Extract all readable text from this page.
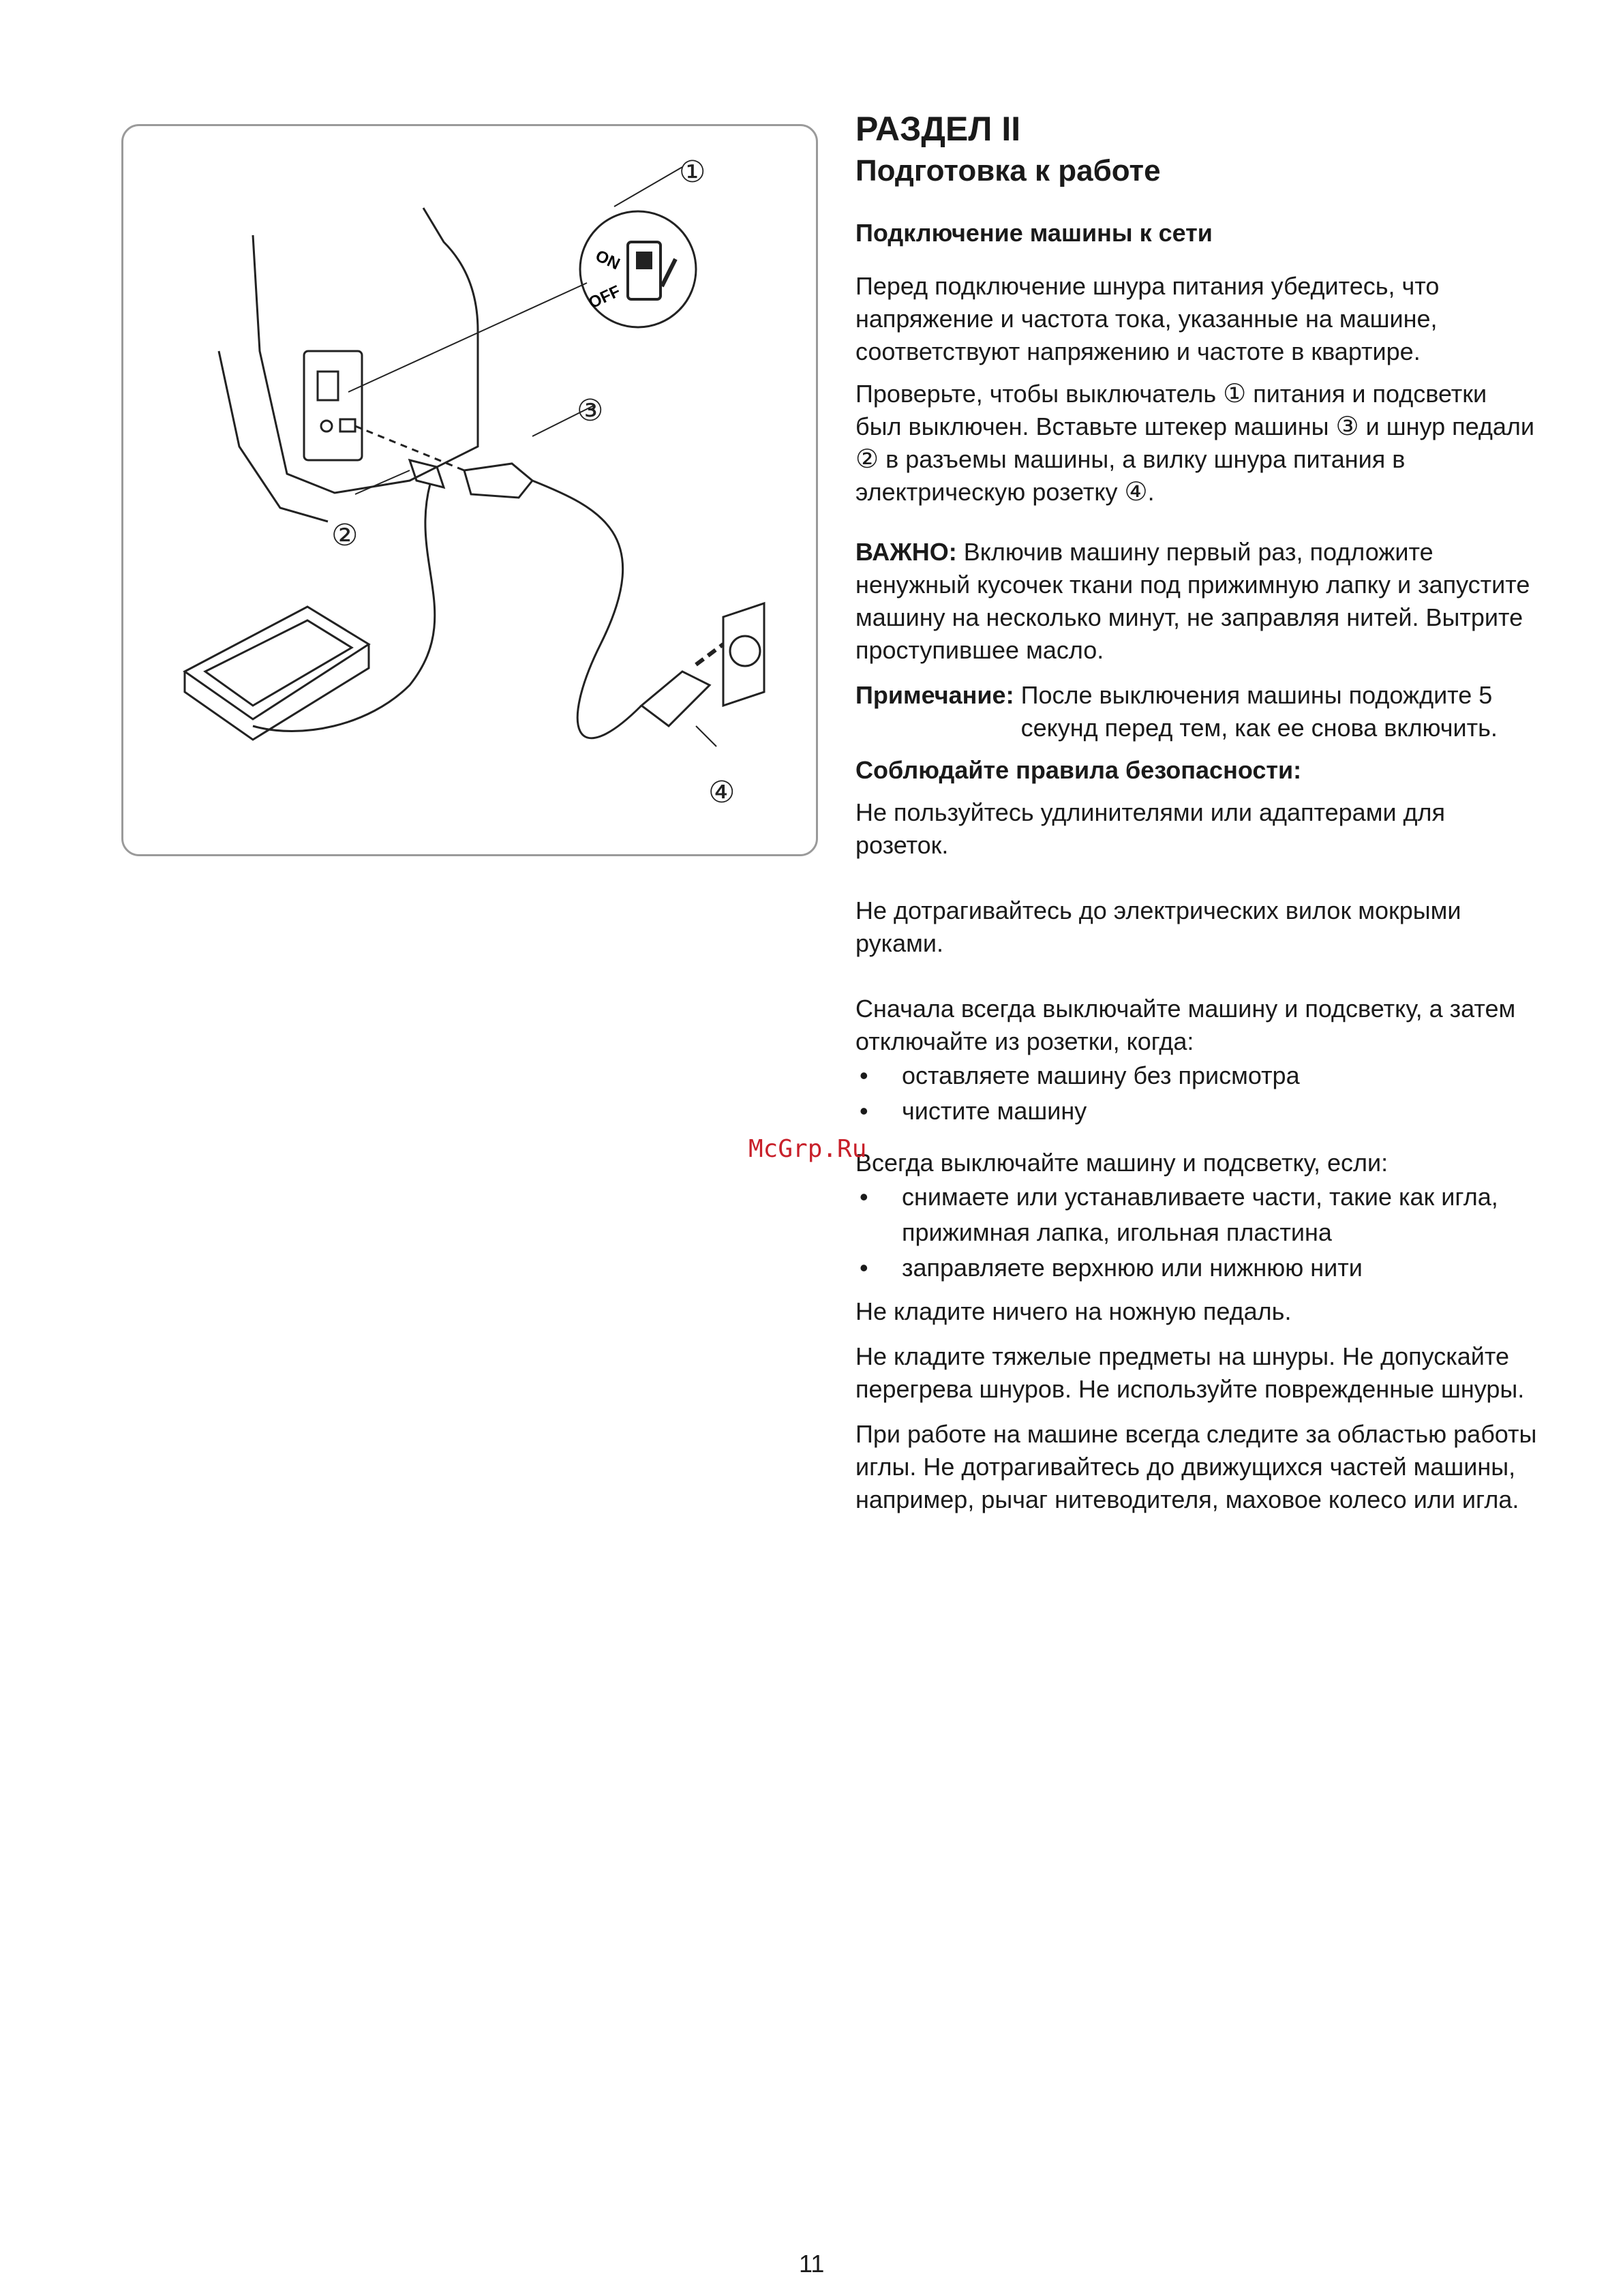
ON
OFF
①
②
③
④
РАЗДЕЛ II
Подготовка к работе

Подключение машины к сети

Перед подключение шнура питания убедитесь, что напряжение и частота тока, указанные на машине, соответствуют напряжению и частоте в квартире.

Проверьте, чтобы выключатель ① питания и подсветки был выключен. Вставьте штекер машины ③ и шнур педали ② в разъемы машины, а вилку шнура питания в электрическую розетку ④.

ВАЖНО: Включив машину первый раз, подложите ненужный кусочек ткани под прижимную лапку и запустите машину на несколько минут, не заправляя нитей. Вытрите проступившее масло.

Примечание: После выключения машины подождите 5 секунд перед тем, как ее снова включить.

Соблюдайте правила безопасности:

Не пользуйтесь удлинителями или адаптерами для розеток.

Не дотрагивайтесь до электрических вилок мокрыми руками.

Сначала всегда выключайте машину и подсветку, а затем отключайте из розетки, когда:

•	оставляете машину без присмотра
•	чистите машину

Всегда выключайте машину и подсветку, если:

•	снимаете или устанавливаете части, такие как игла, прижимная лапка, игольная пластина
•	заправляете верхнюю или нижнюю нити

Не кладите ничего на ножную педаль.

Не кладите тяжелые предметы на шнуры. Не допускайте перегрева шнуров. Не используйте поврежденные шнуры.

При работе на машине всегда следите за областью работы иглы. Не дотрагивайтесь до движущихся частей машины, например, рычаг нитеводителя, маховое колесо или игла.

McGrp.Ru
11
